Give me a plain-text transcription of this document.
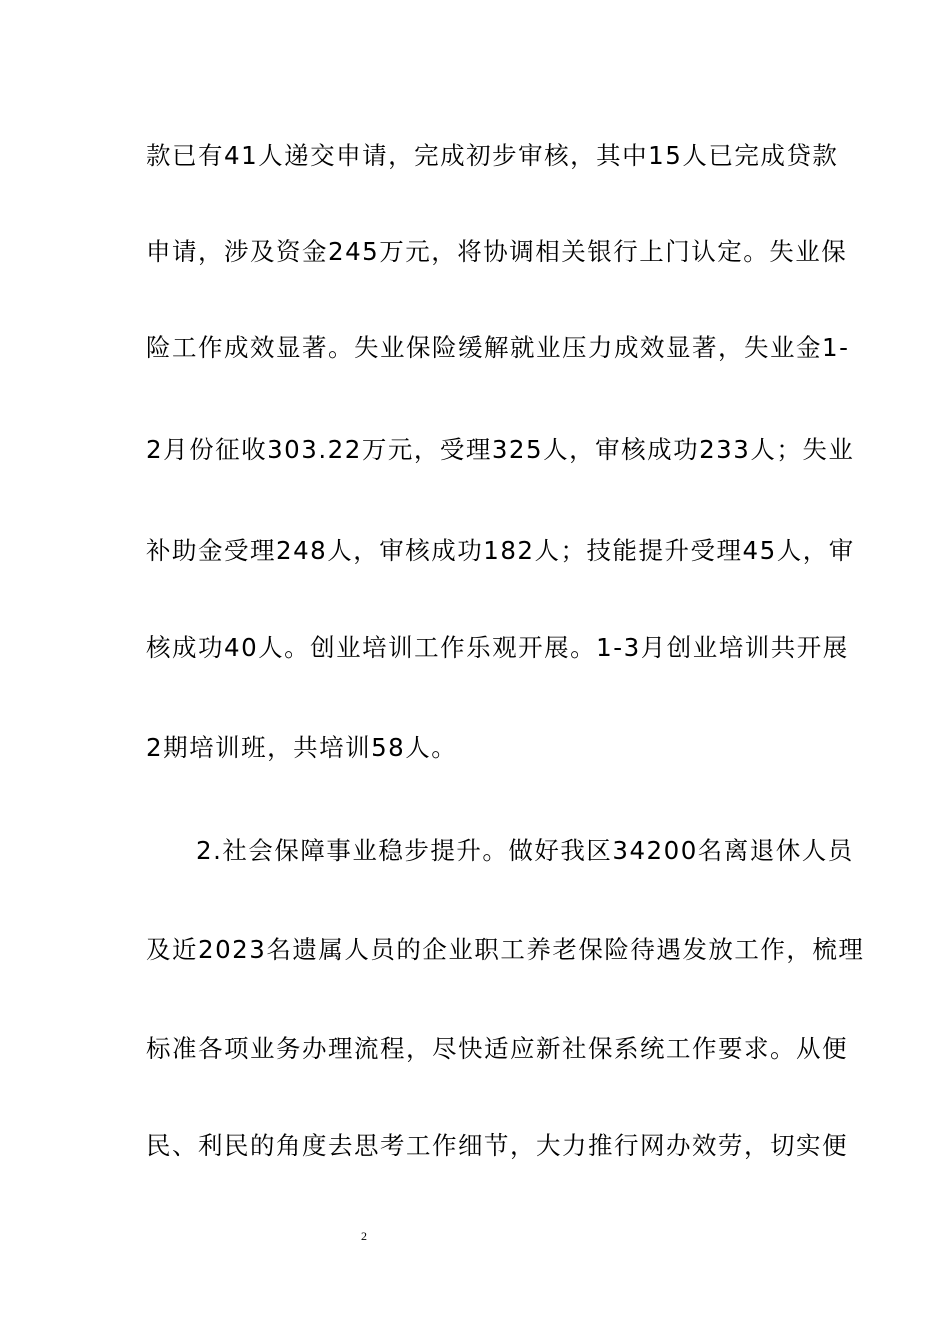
款已有41人递交申请，完成初步审核，其中15人已完成贷款
申请，涉及资金245万元，将协调相关银行上门认定。失业保
险工作成效显著。失业保险缓解就业压力成效显著，失业金1-
2月份征收303.22万元，受理325人，审核成功233人；失业
补助金受理248人，审核成功182人；技能提升受理45人，审
核成功40人。创业培训工作乐观开展。1-3月创业培训共开展
2期培训班，共培训58人。
2.社会保障事业稳步提升。做好我区34200名离退休人员
及近2023名遗属人员的企业职工养老保险待遇发放工作，梳理
标准各项业务办理流程，尽快适应新社保系统工作要求。从便
民、利民的角度去思考工作细节，大力推行网办效劳，切实便
2
